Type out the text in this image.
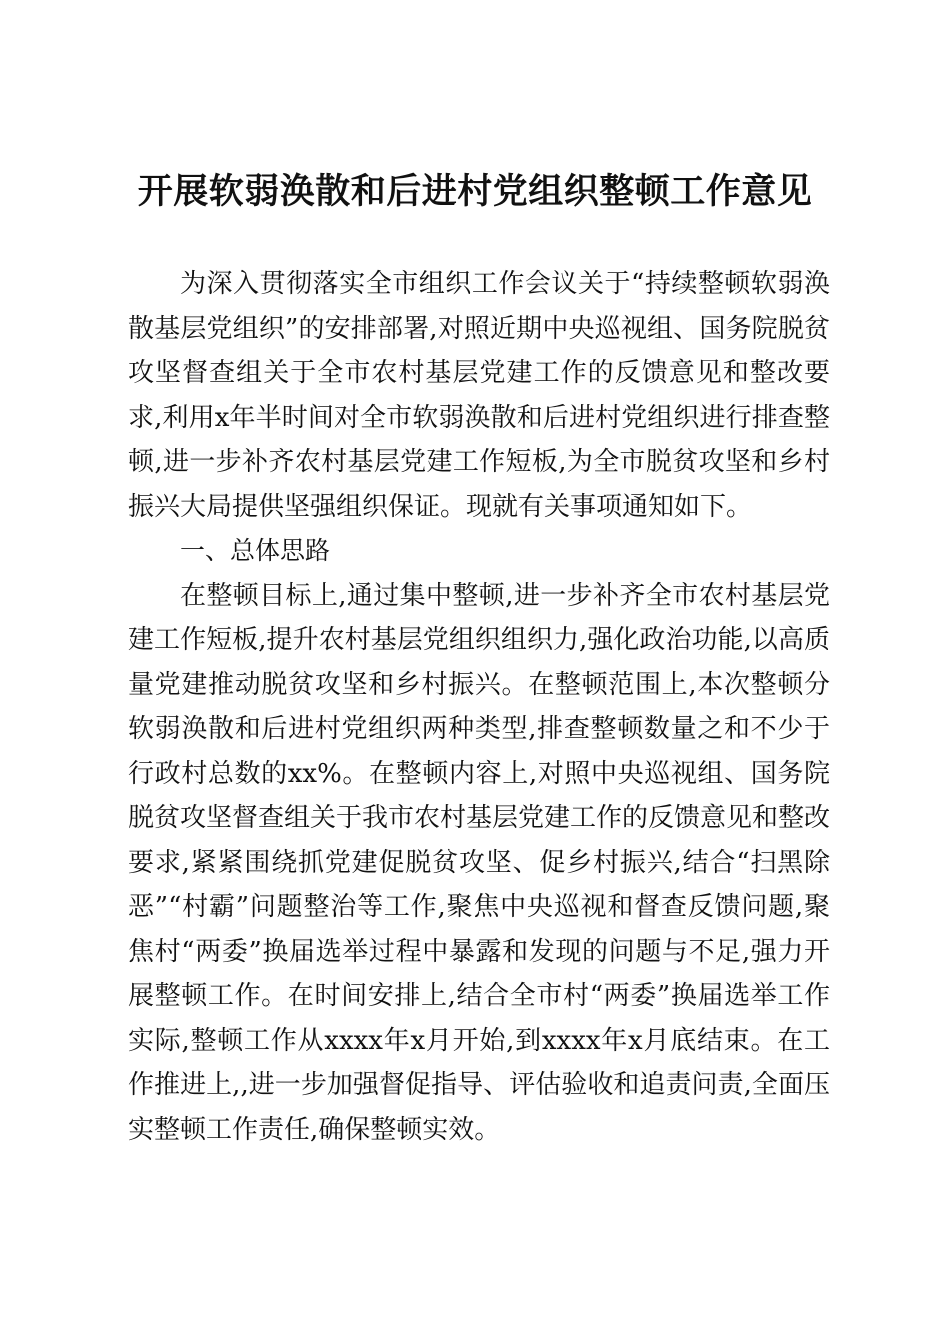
开展软弱涣散和后进村党组织整顿工作意见

为深入贯彻落实全市组织工作会议关于“持续整顿软弱涣散基层党组织”的安排部署,对照近期中央巡视组、国务院脱贫攻坚督查组关于全市农村基层党建工作的反馈意见和整改要求,利用x年半时间对全市软弱涣散和后进村党组织进行排查整顿,进一步补齐农村基层党建工作短板,为全市脱贫攻坚和乡村振兴大局提供坚强组织保证。现就有关事项通知如下。

一、总体思路

在整顿目标上,通过集中整顿,进一步补齐全市农村基层党建工作短板,提升农村基层党组织组织力,强化政治功能,以高质量党建推动脱贫攻坚和乡村振兴。在整顿范围上,本次整顿分软弱涣散和后进村党组织两种类型,排查整顿数量之和不少于行政村总数的xx%。在整顿内容上,对照中央巡视组、国务院脱贫攻坚督查组关于我市农村基层党建工作的反馈意见和整改要求,紧紧围绕抓党建促脱贫攻坚、促乡村振兴,结合“扫黑除恶”“村霸”问题整治等工作,聚焦中央巡视和督查反馈问题,聚焦村“两委”换届选举过程中暴露和发现的问题与不足,强力开展整顿工作。在时间安排上,结合全市村“两委”换届选举工作实际,整顿工作从xxxx年x月开始,到xxxx年x月底结束。在工作推进上,,进一步加强督促指导、评估验收和追责问责,全面压实整顿工作责任,确保整顿实效。
